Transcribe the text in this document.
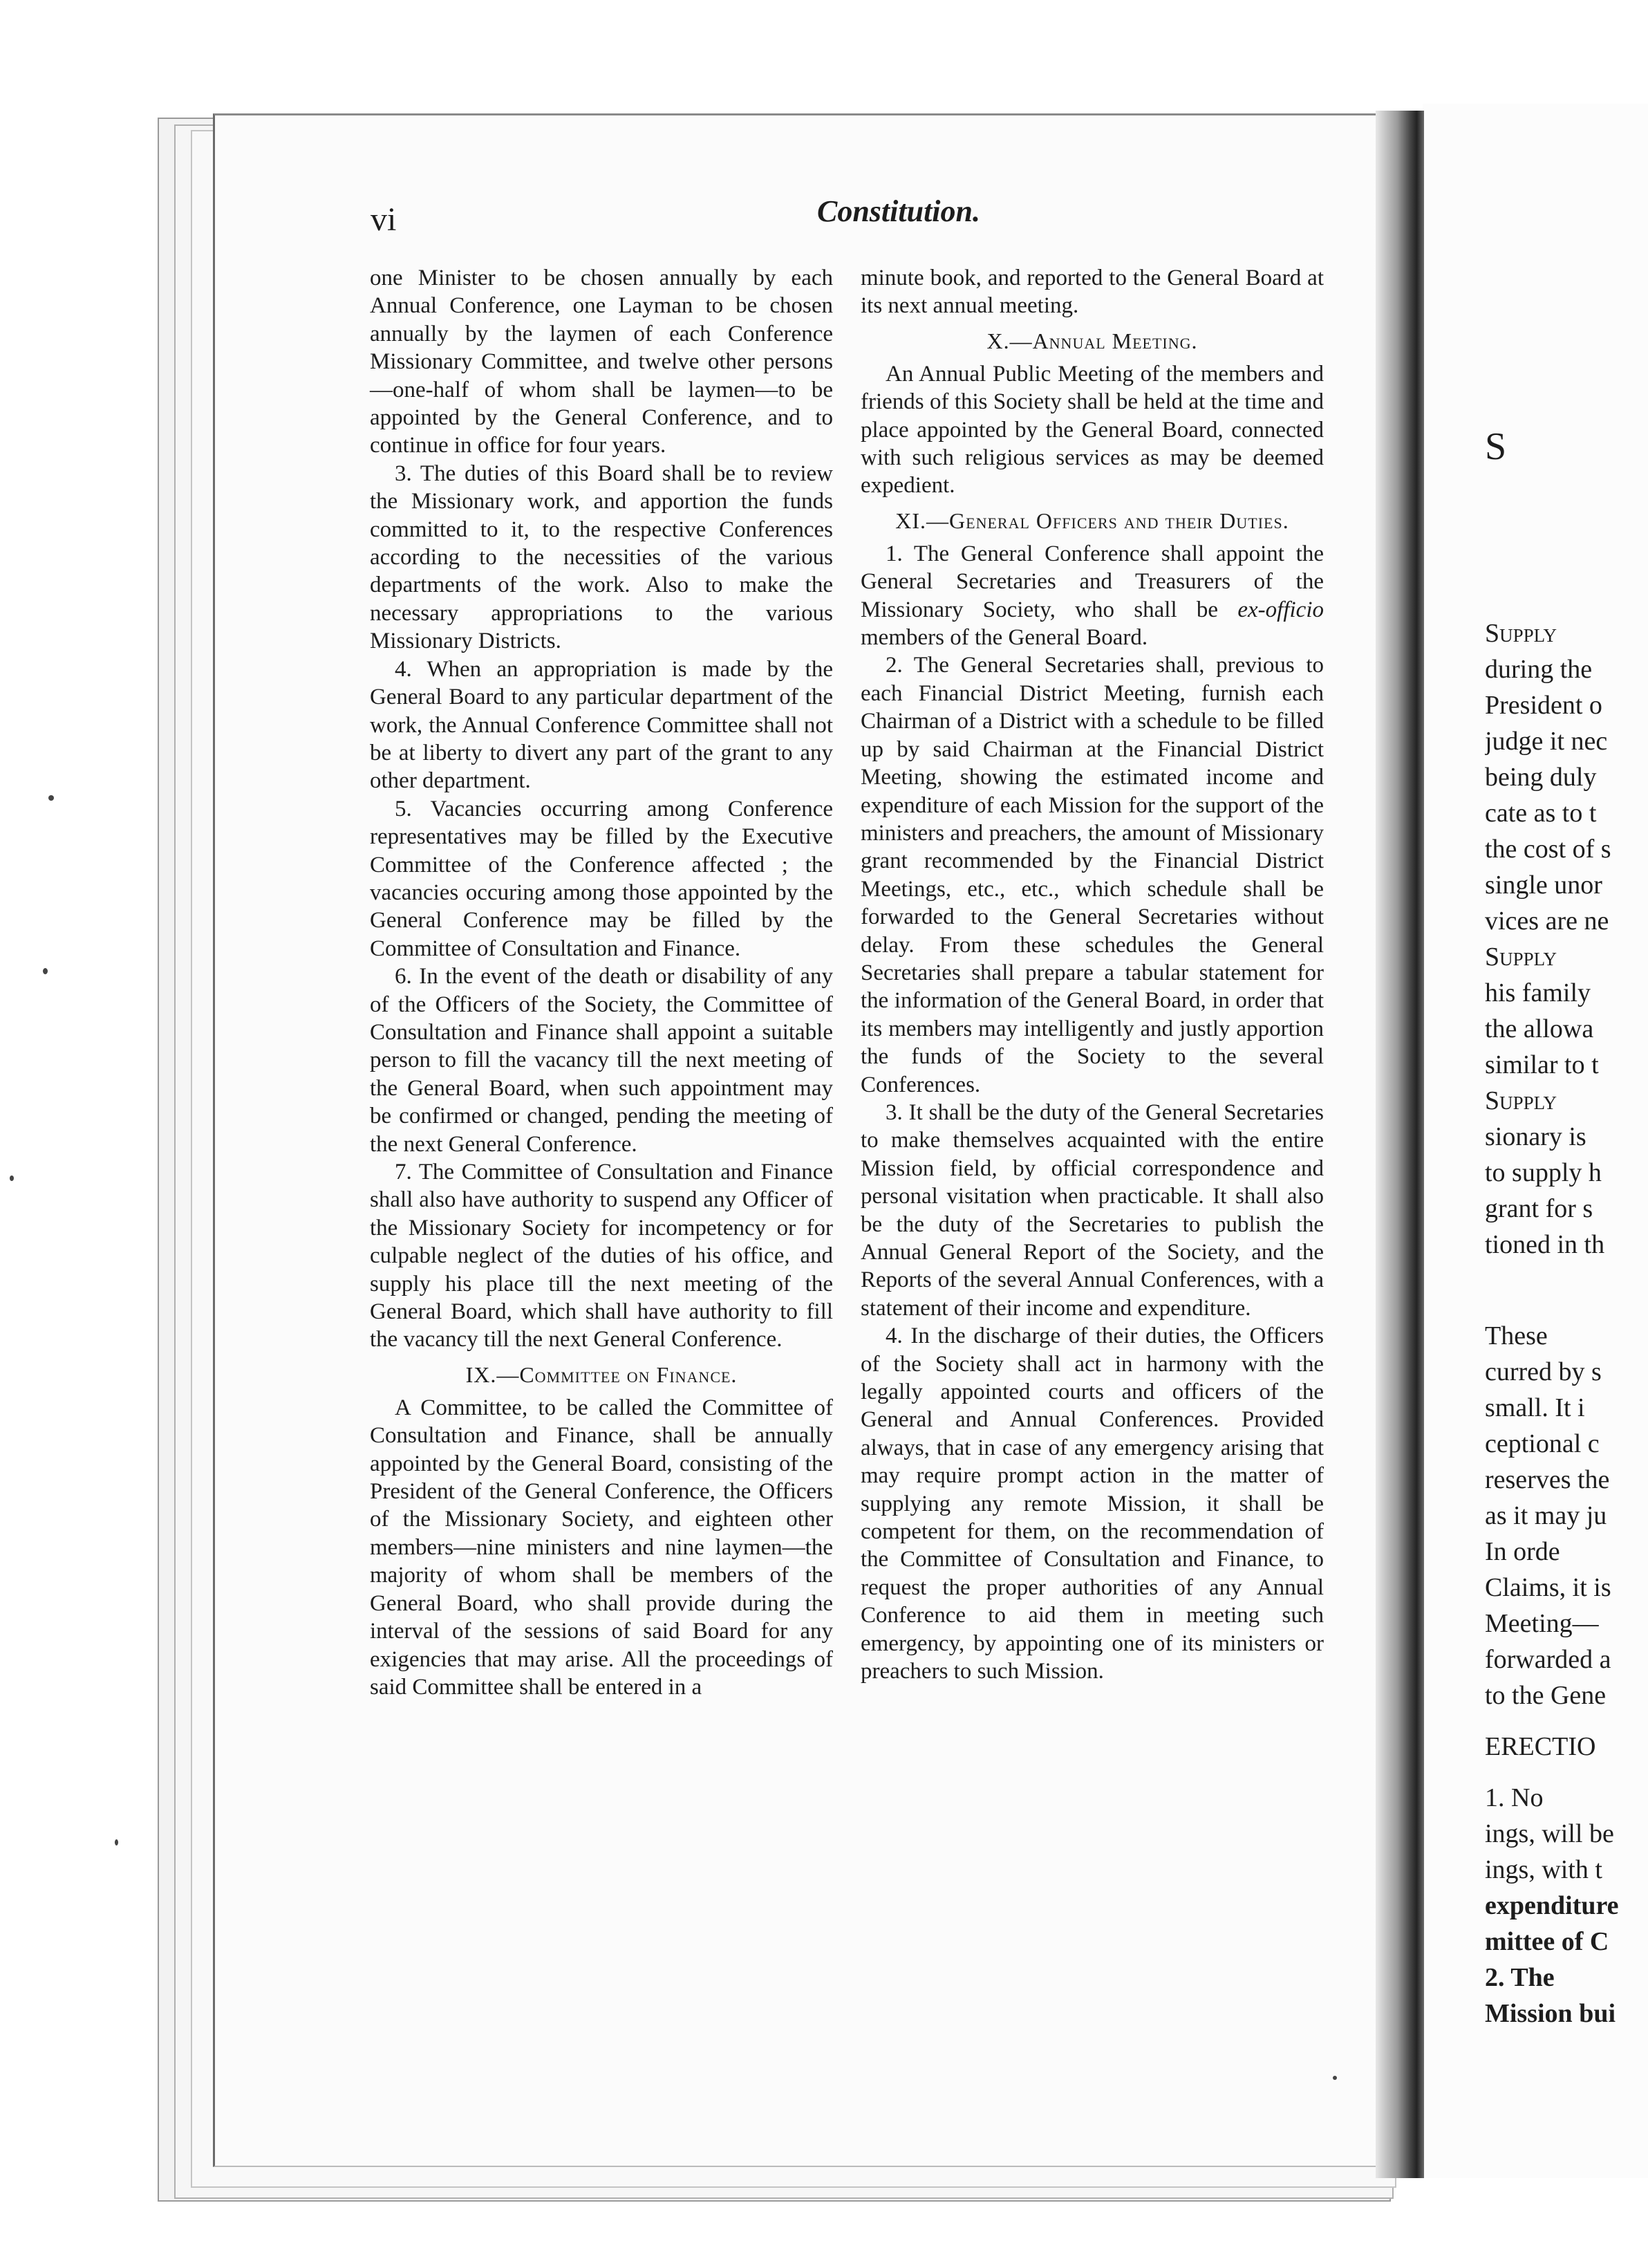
vi	Constitution.

one Minister to be chosen annually by each Annual Conference, one Layman to be chosen annually by the laymen of each Conference Missionary Committee, and twelve other persons—one-half of whom shall be laymen—to be appointed by the General Conference, and to continue in office for four years.

3. The duties of this Board shall be to review the Missionary work, and apportion the funds committed to it, to the respective Conferences according to the necessities of the various departments of the work. Also to make the necessary appropriations to the various Missionary Districts.

4. When an appropriation is made by the General Board to any particular department of the work, the Annual Conference Committee shall not be at liberty to divert any part of the grant to any other department.

5. Vacancies occurring among Conference representatives may be filled by the Executive Committee of the Conference affected ; the vacancies occuring among those appointed by the General Conference may be filled by the Committee of Consultation and Finance.

6. In the event of the death or disability of any of the Officers of the Society, the Committee of Consultation and Finance shall appoint a suitable person to fill the vacancy till the next meeting of the General Board, when such appointment may be confirmed or changed, pending the meeting of the next General Conference.

7. The Committee of Consultation and Finance shall also have authority to suspend any Officer of the Missionary Society for incompetency or for culpable neglect of the duties of his office, and supply his place till the next meeting of the General Board, which shall have authority to fill the vacancy till the next General Conference.

IX.—Committee on Finance.

A Committee, to be called the Committee of Consultation and Finance, shall be annually appointed by the General Board, consisting of the President of the General Conference, the Officers of the Missionary Society, and eighteen other members—nine ministers and nine laymen—the majority of whom shall be members of the General Board, who shall provide during the interval of the sessions of said Board for any exigencies that may arise. All the proceedings of said Committee shall be entered in a

minute book, and reported to the General Board at its next annual meeting.

X.—Annual Meeting.

An Annual Public Meeting of the members and friends of this Society shall be held at the time and place appointed by the General Board, connected with such religious services as may be deemed expedient.

XI.—General Officers and their Duties.

1. The General Conference shall appoint the General Secretaries and Treasurers of the Missionary Society, who shall be ex-officio members of the General Board.

2. The General Secretaries shall, previous to each Financial District Meeting, furnish each Chairman of a District with a schedule to be filled up by said Chairman at the Financial District Meeting, showing the estimated income and expenditure of each Mission for the support of the ministers and preachers, the amount of Missionary grant recommended by the Financial District Meetings, etc., etc., which schedule shall be forwarded to the General Secretaries without delay. From these schedules the General Secretaries shall prepare a tabular statement for the information of the General Board, in order that its members may intelligently and justly apportion the funds of the Society to the several Conferences.

3. It shall be the duty of the General Secretaries to make themselves acquainted with the entire Mission field, by official correspondence and personal visitation when practicable. It shall also be the duty of the Secretaries to publish the Annual General Report of the Society, and the Reports of the several Annual Conferences, with a statement of their income and expenditure.

4. In the discharge of their duties, the Officers of the Society shall act in harmony with the legally appointed courts and officers of the General and Annual Conferences. Provided always, that in case of any emergency arising that may require prompt action in the matter of supplying any remote Mission, it shall be competent for them, on the recommendation of the Committee of Consultation and Finance, to request the proper authorities of any Annual Conference to aid them in meeting such emergency, by appointing one of its ministers or preachers to such Mission.

S
Supply
during the
President o
judge it nec
being duly
cate as to t
the cost of s
single unor
vices are ne
Supply
his family
the allowa
similar to t
Supply
sionary is
to supply h
grant for s
tioned in th
These
curred by s
small. It i
ceptional c
reserves the
as it may ju
In orde
Claims, it is
Meeting—
forwarded a
to the Gene
ERECTIO
1. No
ings, will be
ings, with t
expenditure
mittee of C
2. The
Mission bui
